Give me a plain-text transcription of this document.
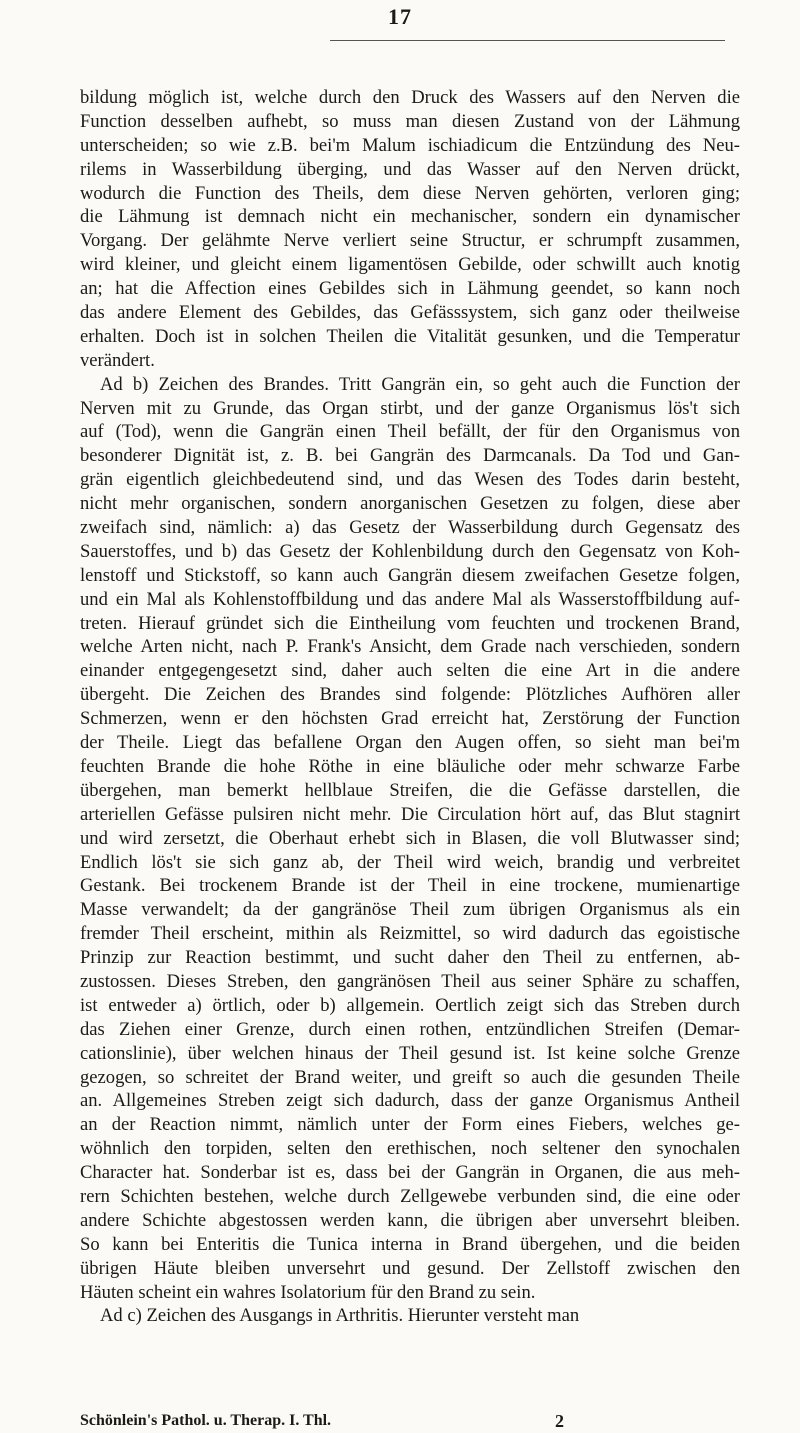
17
bildung möglich ist, welche durch den Druck des Wassers auf den Nerven die
Function desselben aufhebt, so muss man diesen Zustand von der Lähmung
unterscheiden; so wie z.B. bei'm Malum ischiadicum die Entzündung des Neu-
rilems in Wasserbildung überging, und das Wasser auf den Nerven drückt,
wodurch die Function des Theils, dem diese Nerven gehörten, verloren ging;
die Lähmung ist demnach nicht ein mechanischer, sondern ein dynamischer
Vorgang. Der gelähmte Nerve verliert seine Structur, er schrumpft zusammen,
wird kleiner, und gleicht einem ligamentösen Gebilde, oder schwillt auch knotig
an; hat die Affection eines Gebildes sich in Lähmung geendet, so kann noch
das andere Element des Gebildes, das Gefässsystem, sich ganz oder theilweise
erhalten. Doch ist in solchen Theilen die Vitalität gesunken, und die Temperatur
verändert.
Ad b) Zeichen des Brandes. Tritt Gangrän ein, so geht auch die Function der
Nerven mit zu Grunde, das Organ stirbt, und der ganze Organismus lös't sich
auf (Tod), wenn die Gangrän einen Theil befällt, der für den Organismus von
besonderer Dignität ist, z. B. bei Gangrän des Darmcanals. Da Tod und Gan-
grän eigentlich gleichbedeutend sind, und das Wesen des Todes darin besteht,
nicht mehr organischen, sondern anorganischen Gesetzen zu folgen, diese aber
zweifach sind, nämlich: a) das Gesetz der Wasserbildung durch Gegensatz des
Sauerstoffes, und b) das Gesetz der Kohlenbildung durch den Gegensatz von Koh-
lenstoff und Stickstoff, so kann auch Gangrän diesem zweifachen Gesetze folgen,
und ein Mal als Kohlenstoffbildung und das andere Mal als Wasserstoffbildung auf-
treten. Hierauf gründet sich die Eintheilung vom feuchten und trockenen Brand,
welche Arten nicht, nach P. Frank's Ansicht, dem Grade nach verschieden, sondern
einander entgegengesetzt sind, daher auch selten die eine Art in die andere
übergeht. Die Zeichen des Brandes sind folgende: Plötzliches Aufhören aller
Schmerzen, wenn er den höchsten Grad erreicht hat, Zerstörung der Function
der Theile. Liegt das befallene Organ den Augen offen, so sieht man bei'm
feuchten Brande die hohe Röthe in eine bläuliche oder mehr schwarze Farbe
übergehen, man bemerkt hellblaue Streifen, die die Gefässe darstellen, die
arteriellen Gefässe pulsiren nicht mehr. Die Circulation hört auf, das Blut stagnirt
und wird zersetzt, die Oberhaut erhebt sich in Blasen, die voll Blutwasser sind;
Endlich lös't sie sich ganz ab, der Theil wird weich, brandig und verbreitet
Gestank. Bei trockenem Brande ist der Theil in eine trockene, mumienartige
Masse verwandelt; da der gangränöse Theil zum übrigen Organismus als ein
fremder Theil erscheint, mithin als Reizmittel, so wird dadurch das egoistische
Prinzip zur Reaction bestimmt, und sucht daher den Theil zu entfernen, ab-
zustossen. Dieses Streben, den gangränösen Theil aus seiner Sphäre zu schaffen,
ist entweder a) örtlich, oder b) allgemein. Oertlich zeigt sich das Streben durch
das Ziehen einer Grenze, durch einen rothen, entzündlichen Streifen (Demar-
cationslinie), über welchen hinaus der Theil gesund ist. Ist keine solche Grenze
gezogen, so schreitet der Brand weiter, und greift so auch die gesunden Theile
an. Allgemeines Streben zeigt sich dadurch, dass der ganze Organismus Antheil
an der Reaction nimmt, nämlich unter der Form eines Fiebers, welches ge-
wöhnlich den torpiden, selten den erethischen, noch seltener den synochalen
Character hat. Sonderbar ist es, dass bei der Gangrän in Organen, die aus meh-
rern Schichten bestehen, welche durch Zellgewebe verbunden sind, die eine oder
andere Schichte abgestossen werden kann, die übrigen aber unversehrt bleiben.
So kann bei Enteritis die Tunica interna in Brand übergehen, und die beiden
übrigen Häute bleiben unversehrt und gesund. Der Zellstoff zwischen den
Häuten scheint ein wahres Isolatorium für den Brand zu sein.
Ad c) Zeichen des Ausgangs in Arthritis. Hierunter versteht man
Schönlein's Pathol. u. Therap. I. Thl.	2
